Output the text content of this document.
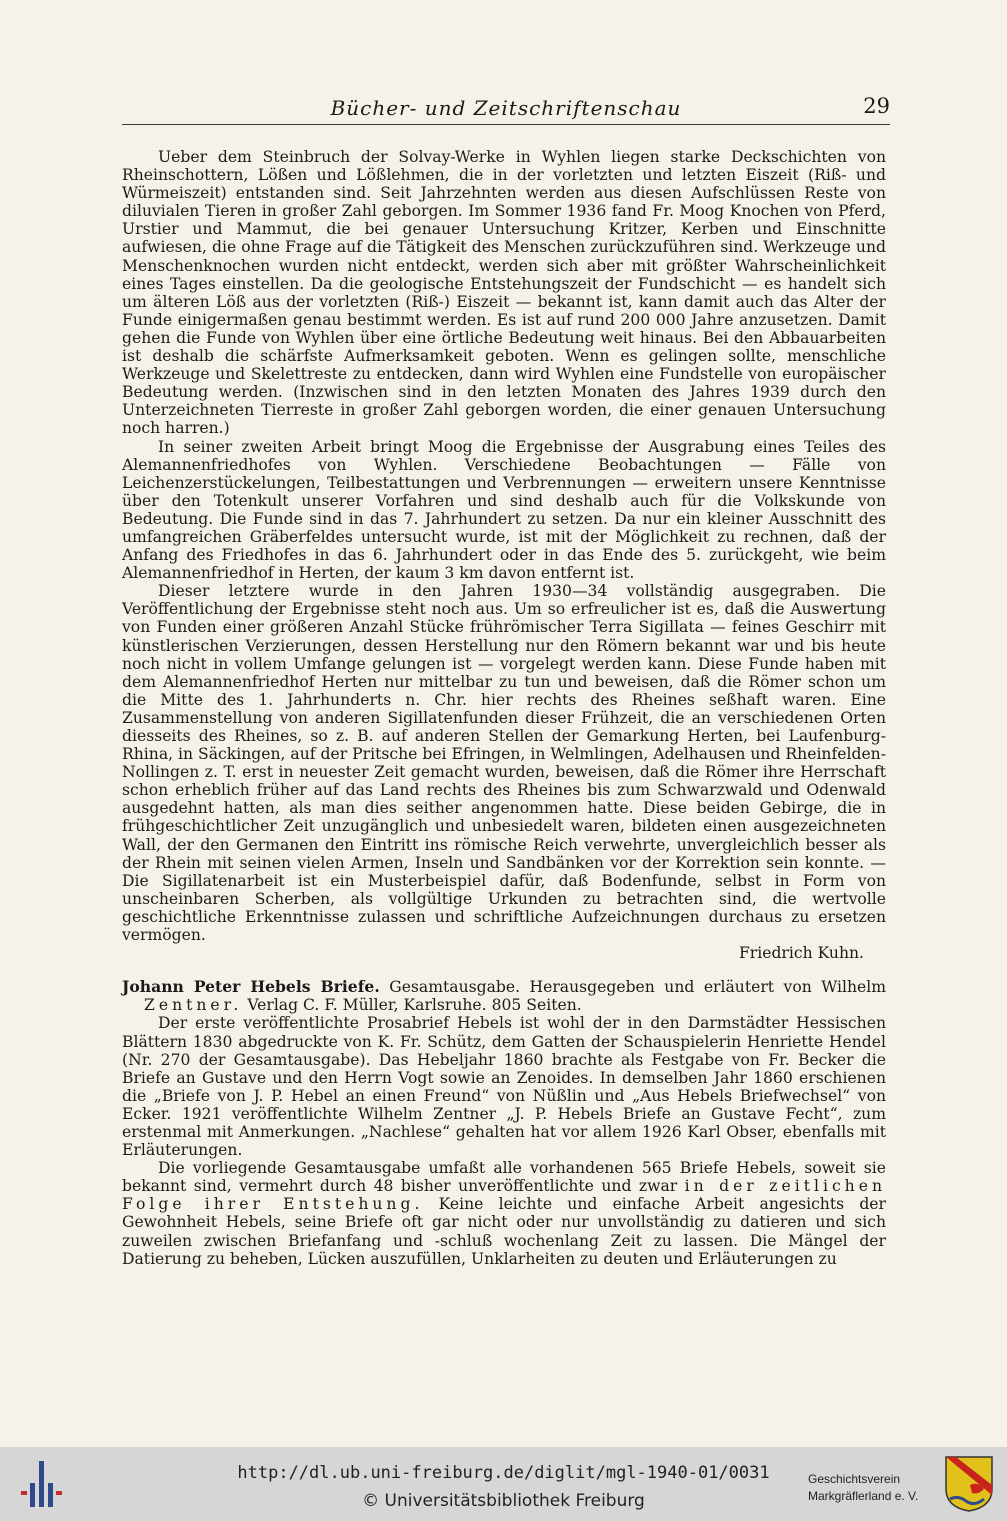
Bücher- und Zeitschriftenschau	29

Ueber dem Steinbruch der Solvay-Werke in Wyhlen liegen starke Deckschichten von Rheinschottern, Lößen und Lößlehmen, die in der vorletzten und letzten Eiszeit (Riß- und Würmeiszeit) entstanden sind. Seit Jahrzehnten werden aus diesen Aufschlüssen Reste von diluvialen Tieren in großer Zahl geborgen. Im Sommer 1936 fand Fr. Moog Knochen von Pferd, Urstier und Mammut, die bei genauer Untersuchung Kritzer, Kerben und Einschnitte aufwiesen, die ohne Frage auf die Tätigkeit des Menschen zurückzuführen sind. Werkzeuge und Menschenknochen wurden nicht entdeckt, werden sich aber mit größter Wahrscheinlichkeit eines Tages einstellen. Da die geologische Entstehungszeit der Fundschicht — es handelt sich um älteren Löß aus der vorletzten (Riß-) Eiszeit — bekannt ist, kann damit auch das Alter der Funde einigermaßen genau bestimmt werden. Es ist auf rund 200 000 Jahre anzusetzen. Damit gehen die Funde von Wyhlen über eine örtliche Bedeutung weit hinaus. Bei den Abbauarbeiten ist deshalb die schärfste Aufmerksamkeit geboten. Wenn es gelingen sollte, menschliche Werkzeuge und Skelettreste zu entdecken, dann wird Wyhlen eine Fundstelle von europäischer Bedeutung werden. (Inzwischen sind in den letzten Monaten des Jahres 1939 durch den Unterzeichneten Tierreste in großer Zahl geborgen worden, die einer genauen Untersuchung noch harren.)

In seiner zweiten Arbeit bringt Moog die Ergebnisse der Ausgrabung eines Teiles des Alemannenfriedhofes von Wyhlen. Verschiedene Beobachtungen — Fälle von Leichenzerstückelungen, Teilbestattungen und Verbrennungen — erweitern unsere Kenntnisse über den Totenkult unserer Vorfahren und sind deshalb auch für die Volkskunde von Bedeutung. Die Funde sind in das 7. Jahrhundert zu setzen. Da nur ein kleiner Ausschnitt des umfangreichen Gräberfeldes untersucht wurde, ist mit der Möglichkeit zu rechnen, daß der Anfang des Friedhofes in das 6. Jahrhundert oder in das Ende des 5. zurückgeht, wie beim Alemannenfriedhof in Herten, der kaum 3 km davon entfernt ist.

Dieser letztere wurde in den Jahren 1930—34 vollständig ausgegraben. Die Veröffentlichung der Ergebnisse steht noch aus. Um so erfreulicher ist es, daß die Auswertung von Funden einer größeren Anzahl Stücke frührömischer Terra Sigillata — feines Geschirr mit künstlerischen Verzierungen, dessen Herstellung nur den Römern bekannt war und bis heute noch nicht in vollem Umfange gelungen ist — vorgelegt werden kann. Diese Funde haben mit dem Alemannenfriedhof Herten nur mittelbar zu tun und beweisen, daß die Römer schon um die Mitte des 1. Jahrhunderts n. Chr. hier rechts des Rheines seßhaft waren. Eine Zusammenstellung von anderen Sigillatenfunden dieser Frühzeit, die an verschiedenen Orten diesseits des Rheines, so z. B. auf anderen Stellen der Gemarkung Herten, bei Laufenburg-Rhina, in Säckingen, auf der Pritsche bei Efringen, in Welmlingen, Adelhausen und Rheinfelden-Nollingen z. T. erst in neuester Zeit gemacht wurden, beweisen, daß die Römer ihre Herrschaft schon erheblich früher auf das Land rechts des Rheines bis zum Schwarzwald und Odenwald ausgedehnt hatten, als man dies seither angenommen hatte. Diese beiden Gebirge, die in frühgeschichtlicher Zeit unzugänglich und unbesiedelt waren, bildeten einen ausgezeichneten Wall, der den Germanen den Eintritt ins römische Reich verwehrte, unvergleichlich besser als der Rhein mit seinen vielen Armen, Inseln und Sandbänken vor der Korrektion sein konnte. — Die Sigillatenarbeit ist ein Musterbeispiel dafür, daß Bodenfunde, selbst in Form von unscheinbaren Scherben, als vollgültige Urkunden zu betrachten sind, die wertvolle geschichtliche Erkenntnisse zulassen und schriftliche Aufzeichnungen durchaus zu ersetzen vermögen.

Friedrich Kuhn.

Johann Peter Hebels Briefe. Gesamtausgabe. Herausgegeben und erläutert von Wilhelm Zentner. Verlag C. F. Müller, Karlsruhe. 805 Seiten.

Der erste veröffentlichte Prosabrief Hebels ist wohl der in den Darmstädter Hessischen Blättern 1830 abgedruckte von K. Fr. Schütz, dem Gatten der Schauspielerin Henriette Hendel (Nr. 270 der Gesamtausgabe). Das Hebeljahr 1860 brachte als Festgabe von Fr. Becker die Briefe an Gustave und den Herrn Vogt sowie an Zenoides. In demselben Jahr 1860 erschienen die „Briefe von J. P. Hebel an einen Freund“ von Nüßlin und „Aus Hebels Briefwechsel“ von Ecker. 1921 veröffentlichte Wilhelm Zentner „J. P. Hebels Briefe an Gustave Fecht“, zum erstenmal mit Anmerkungen. „Nachlese“ gehalten hat vor allem 1926 Karl Obser, ebenfalls mit Erläuterungen.

Die vorliegende Gesamtausgabe umfaßt alle vorhandenen 565 Briefe Hebels, soweit sie bekannt sind, vermehrt durch 48 bisher unveröffentlichte und zwar in der zeitlichen Folge ihrer Entstehung. Keine leichte und einfache Arbeit angesichts der Gewohnheit Hebels, seine Briefe oft gar nicht oder nur unvollständig zu datieren und sich zuweilen zwischen Briefanfang und -schluß wochenlang Zeit zu lassen. Die Mängel der Datierung zu beheben, Lücken auszufüllen, Unklarheiten zu deuten und Erläuterungen zu

http://dl.ub.uni-freiburg.de/diglit/mgl-1940-01/0031
© Universitätsbibliothek Freiburg
Geschichtsverein
Markgräflerland e. V.
